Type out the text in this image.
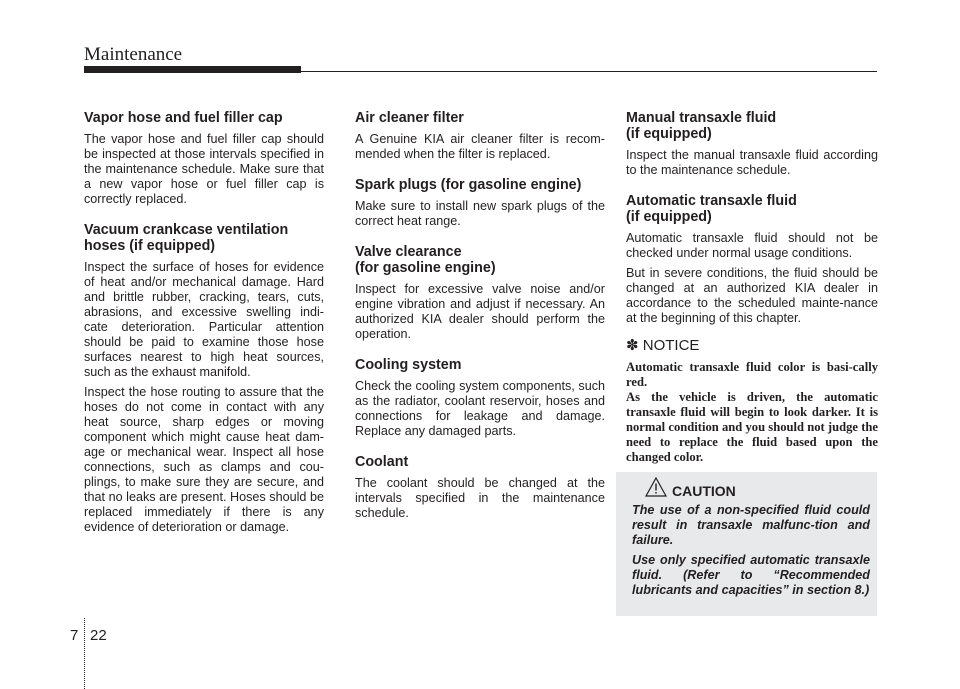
Maintenance
Vapor hose and fuel filler cap

The vapor hose and fuel filler cap should be inspected at those intervals specified in the maintenance schedule. Make sure that a new vapor hose or fuel filler cap is correctly replaced.

Vacuum crankcase ventilation
hoses (if equipped)

Inspect the surface of hoses for evidence of heat and/or mechanical damage. Hard and brittle rubber, cracking, tears, cuts, abrasions, and excessive swelling indi-cate deterioration. Particular attention should be paid to examine those hose surfaces nearest to high heat sources, such as the exhaust manifold.

Inspect the hose routing to assure that the hoses do not come in contact with any heat source, sharp edges or moving component which might cause heat dam-age or mechanical wear. Inspect all hose connections, such as clamps and cou-plings, to make sure they are secure, and that no leaks are present. Hoses should be replaced immediately if there is any evidence of deterioration or damage.

Air cleaner filter

A Genuine KIA air cleaner filter is recom-mended when the filter is replaced.

Spark plugs (for gasoline engine)

Make sure to install new spark plugs of the correct heat range.

Valve clearance
(for gasoline engine)

Inspect for excessive valve noise and/or engine vibration and adjust if necessary. An authorized KIA dealer should perform the operation.

Cooling system

Check the cooling system components, such as the radiator, coolant reservoir, hoses and connections for leakage and damage. Replace any damaged parts.

Coolant

The coolant should be changed at the intervals specified in the maintenance schedule.

Manual transaxle fluid
(if equipped)

Inspect the manual transaxle fluid according to the maintenance schedule.

Automatic transaxle fluid
(if equipped)

Automatic transaxle fluid should not be checked under normal usage conditions.

But in severe conditions, the fluid should be changed at an authorized KIA dealer in accordance to the scheduled mainte-nance at the beginning of this chapter.

✽ NOTICE

Automatic transaxle fluid color is basi-cally red.

As the vehicle is driven, the automatic transaxle fluid will begin to look darker. It is normal condition and you should not judge the need to replace the fluid based upon the changed color.

CAUTION

The use of a non-specified fluid could result in transaxle malfunc-tion and failure.

Use only specified automatic transaxle fluid. (Refer to “Recommended lubricants and capacities” in section 8.)

7 22
